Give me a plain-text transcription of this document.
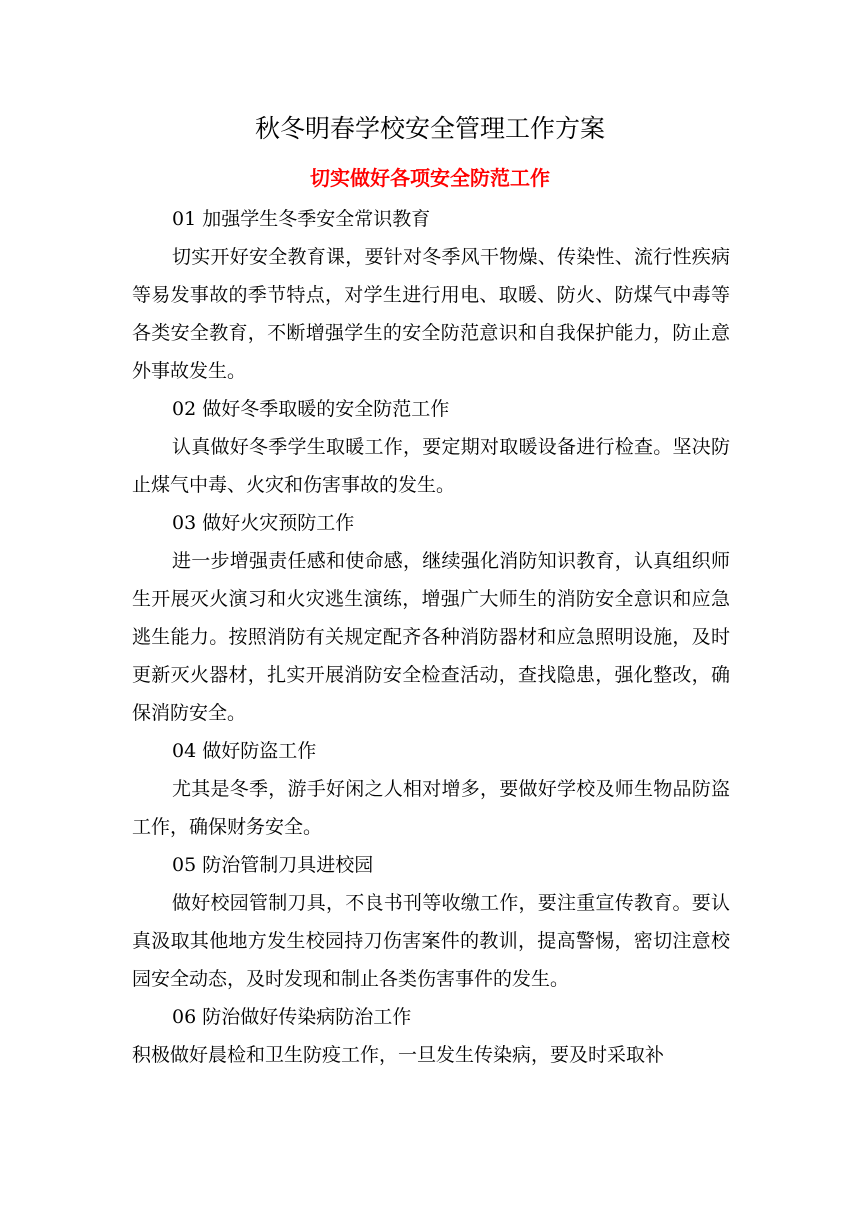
秋冬明春学校安全管理工作方案
切实做好各项安全防范工作

01 加强学生冬季安全常识教育

切实开好安全教育课，要针对冬季风干物燥、传染性、流行性疾病等易发事故的季节特点，对学生进行用电、取暖、防火、防煤气中毒等各类安全教育，不断增强学生的安全防范意识和自我保护能力，防止意外事故发生。

02 做好冬季取暖的安全防范工作

认真做好冬季学生取暖工作，要定期对取暖设备进行检查。坚决防止煤气中毒、火灾和伤害事故的发生。

03 做好火灾预防工作

进一步增强责任感和使命感，继续强化消防知识教育，认真组织师生开展灭火演习和火灾逃生演练，增强广大师生的消防安全意识和应急逃生能力。按照消防有关规定配齐各种消防器材和应急照明设施，及时更新灭火器材，扎实开展消防安全检查活动，查找隐患，强化整改，确保消防安全。

04 做好防盗工作

尤其是冬季，游手好闲之人相对增多，要做好学校及师生物品防盗工作，确保财务安全。

05 防治管制刀具进校园

做好校园管制刀具，不良书刊等收缴工作，要注重宣传教育。要认真汲取其他地方发生校园持刀伤害案件的教训，提高警惕，密切注意校园安全动态，及时发现和制止各类伤害事件的发生。

06 防治做好传染病防治工作

积极做好晨检和卫生防疫工作，一旦发生传染病，要及时采取补
